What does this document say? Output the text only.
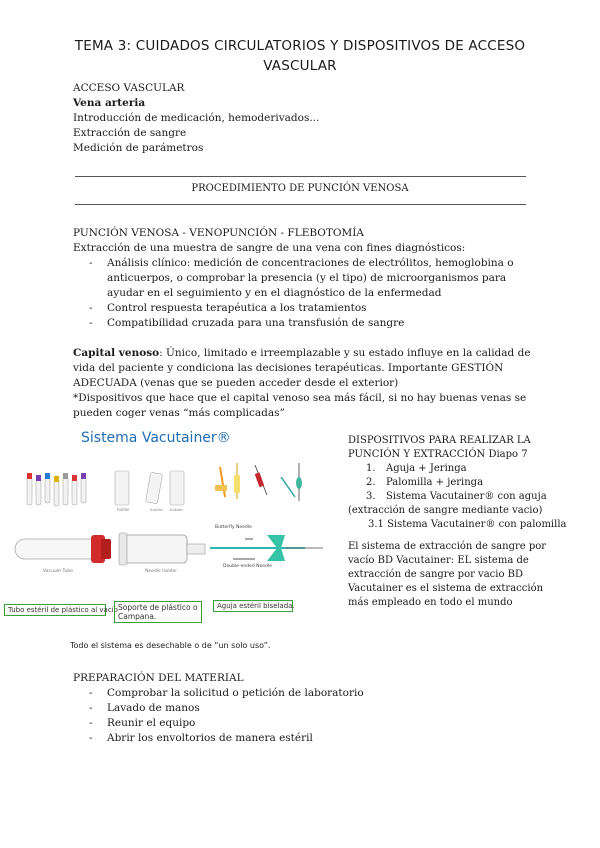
TEMA 3: CUIDADOS CIRCULATORIOS Y DISPOSITIVOS DE ACCESO
VASCULAR
ACCESO VASCULAR
Vena arteria
Introducción de medicación, hemoderivados...
Extracción de sangre
Medición de parámetros
PROCEDIMIENTO DE PUNCIÓN VENOSA
PUNCIÓN VENOSA - VENOPUNCIÓN - FLEBOTOMÍA
Extracción de una muestra de sangre de una vena con fines diagnósticos:
- Análisis clínico: medición de concentraciones de electrólitos, hemoglobina o anticuerpos, o comprobar la presencia (y el tipo) de microorganismos para ayudar en el seguimiento y en el diagnóstico de la enfermedad
- Control respuesta terapéutica a los tratamientos
- Compatibilidad cruzada para una transfusión de sangre
Capital venoso: Único, limitado e irreemplazable y su estado influye en la calidad de vida del paciente y condiciona las decisiones terapéuticas. Importante GESTIÓN ADECUADA (venas que se pueden acceder desde el exterior)
*Dispositivos que hace que el capital venoso sea más fácil, si no hay buenas venas se pueden coger venas “más complicadas”
Sistema Vacutainer®
holder	holder holder
Vacuum Tube	Needle Holder
Butterfly Needle
Double-ended Needle
Tubo estéril de plástico al vacío Soporte de plástico o Campana.
Aguja estéril biselada.
Todo el sistema es desechable o de “un solo uso”.
DISPOSITIVOS PARA REALIZAR LA
PUNCIÓN Y EXTRACCIÓN Diapo 7
1. Aguja + Jeringa
2. Palomilla + jeringa
3. Sistema Vacutainer® con aguja
(extracción de sangre mediante vacio)
3.1 Sistema Vacutainer® con palomilla
El sistema de extracción de sangre por vacío BD Vacutainer: EL sistema de extracción de sangre por vacio BD Vacutainer es el sistema de extracción más empleado en todo el mundo
PREPARACIÓN DEL MATERIAL
- Comprobar la solicitud o petición de laboratorio
- Lavado de manos
- Reunir el equipo
- Abrir los envoltorios de manera estéril
